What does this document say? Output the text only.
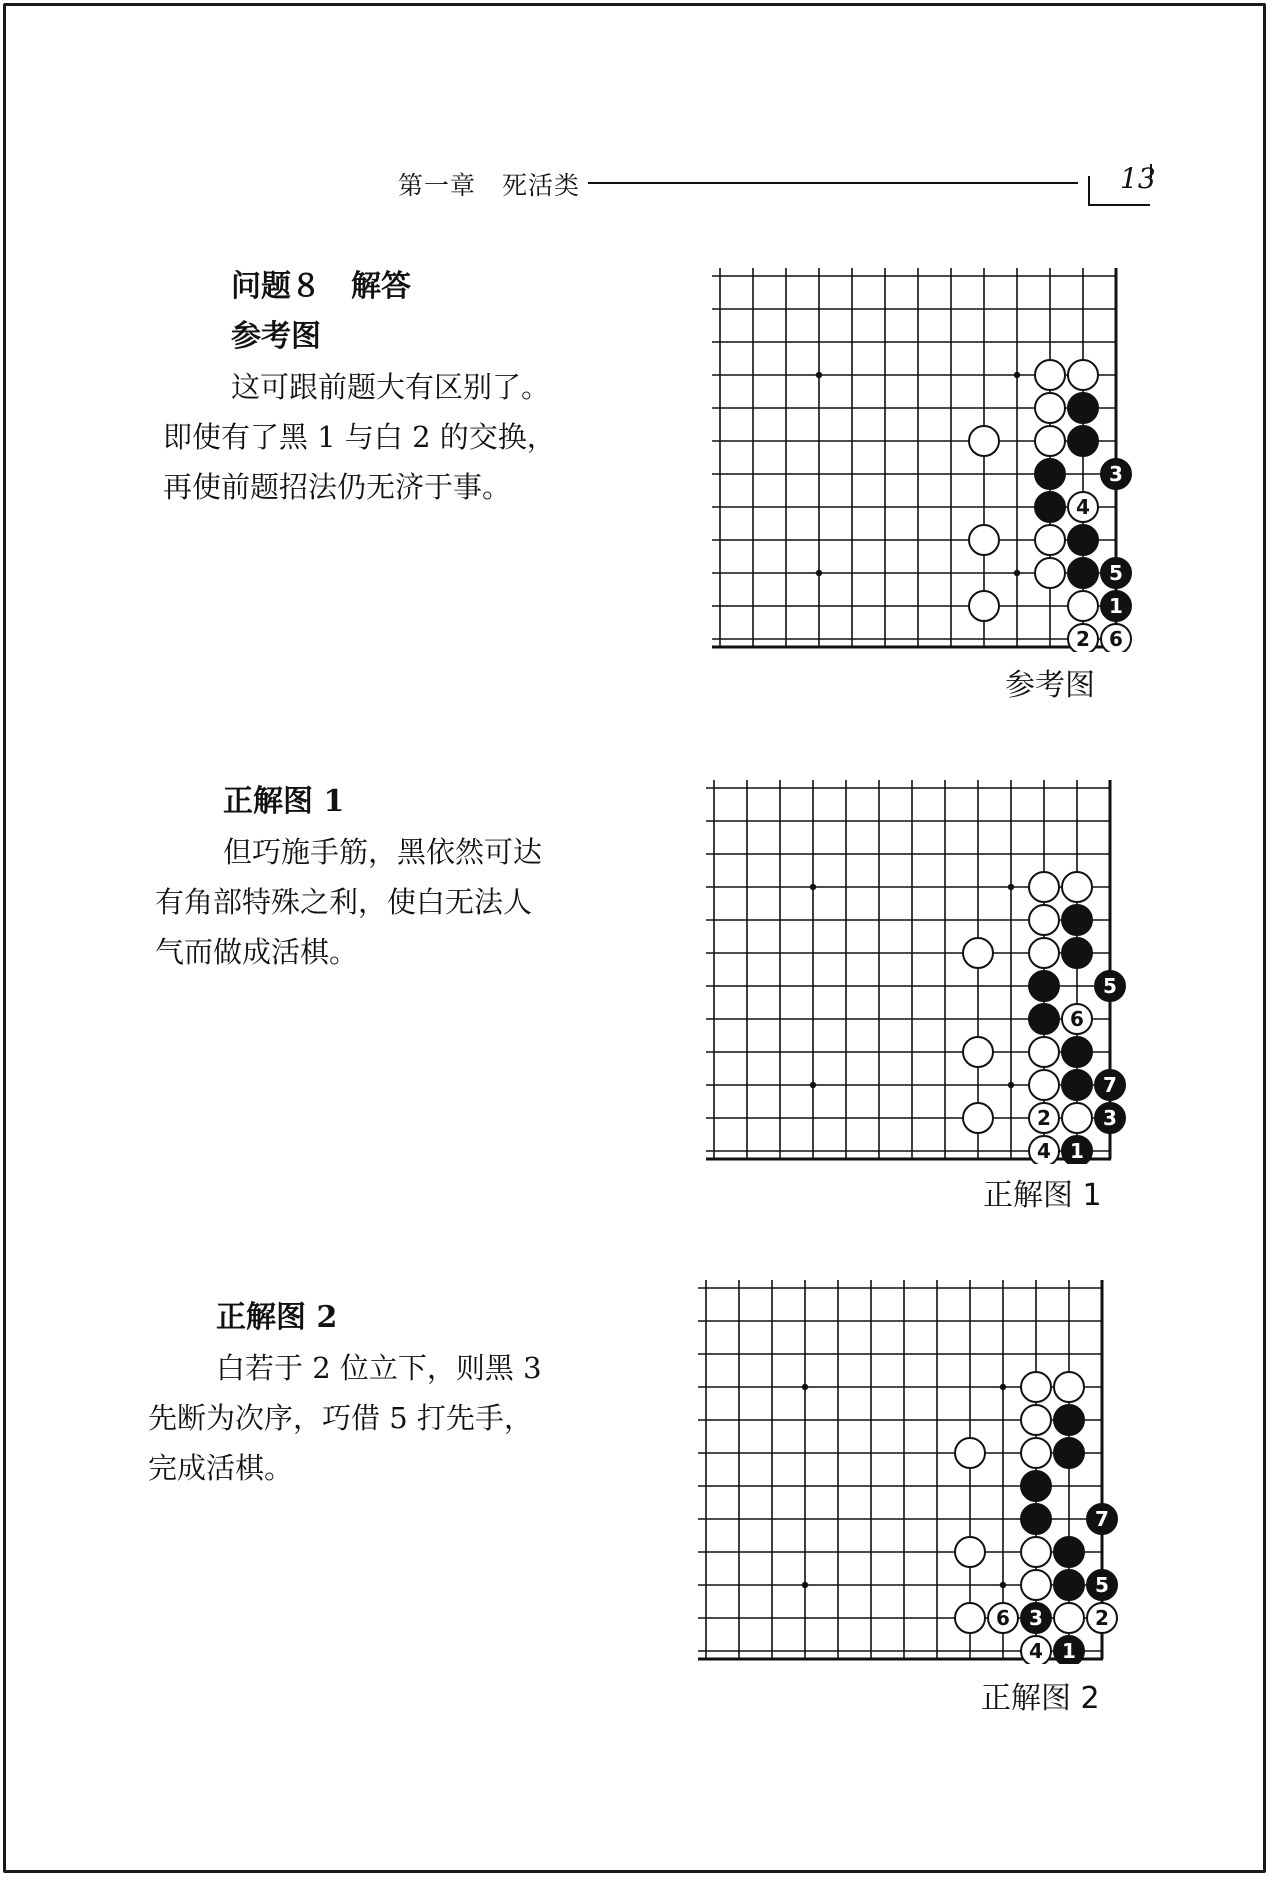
第一章　死活类	13
问题８　解答
参考图
这可跟前题大有区别了。
即使有了黑 1 与白 2 的交换，
再使前题招法仍无济于事。	3
4
5
1
2 6
参考图
正解图 1
但巧施手筋，黑依然可达
有角部特殊之利，使白无法人
气而做成活棋。
5
6
7
2	3
4 1
正解图 1
正解图 2
白若于 2 位立下，则黑 3
先断为次序，巧借 5 打先手，
完成活棋。
7
5
6 3	2
4 1
正解图 2
